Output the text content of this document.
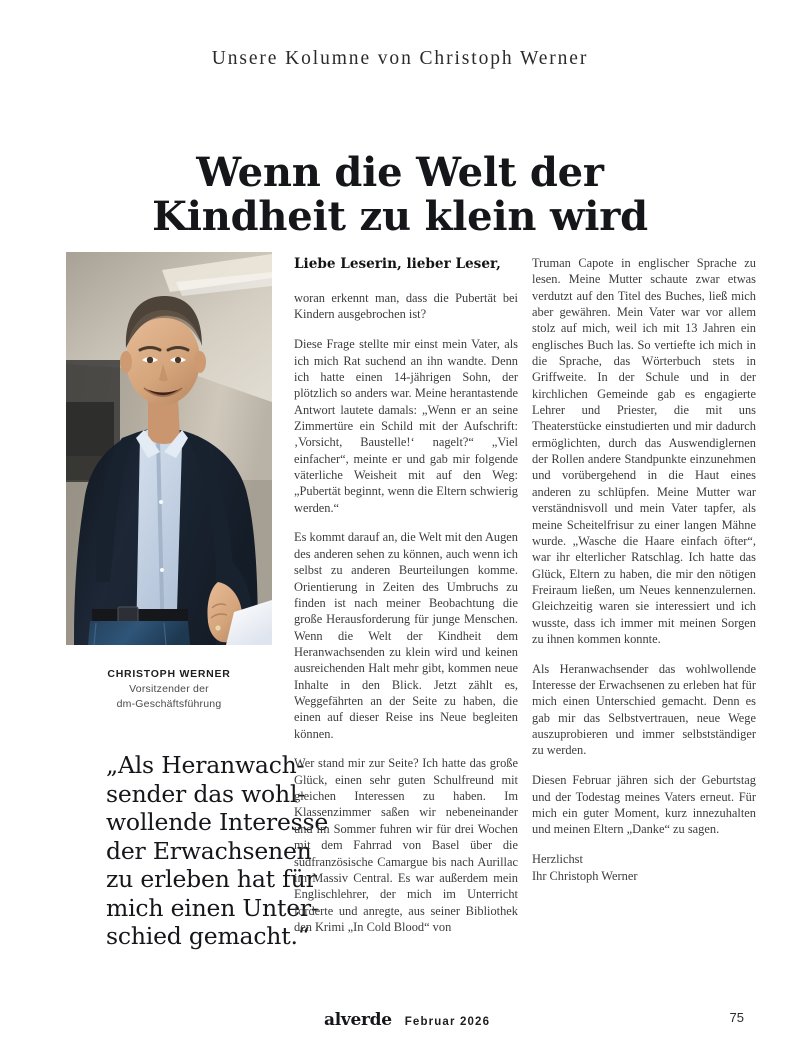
Unsere Kolumne von Christoph Werner
Wenn die Welt der
Kindheit zu klein wird
CHRISTOPH WERNER
Vorsitzender der
dm-Geschäftsführung
„Als Heranwach-
sender das wohl-
wollende Interesse
der Erwachsenen
zu erleben hat für
mich einen Unter-
schied gemacht.“

Liebe Leserin, lieber Leser,

woran erkennt man, dass die Pubertät bei Kindern ausgebrochen ist?

Diese Frage stellte mir einst mein Vater, als ich mich Rat suchend an ihn wandte. Denn ich hatte einen 14-jährigen Sohn, der plötzlich so anders war. Meine herantastende Antwort lautete damals: „Wenn er an seine Zimmertüre ein Schild mit der Aufschrift: ‚Vorsicht, Baustelle!‘ nagelt?“ „Viel einfacher“, meinte er und gab mir folgende väterliche Weisheit mit auf den Weg: „Pubertät beginnt, wenn die Eltern schwierig werden.“

Es kommt darauf an, die Welt mit den Augen des anderen sehen zu können, auch wenn ich selbst zu anderen Beurteilungen komme. Orientierung in Zeiten des Umbruchs zu finden ist nach meiner Beobachtung die große Herausforderung für junge Menschen. Wenn die Welt der Kindheit dem Heranwachsenden zu klein wird und keinen ausreichenden Halt mehr gibt, kommen neue Inhalte in den Blick. Jetzt zählt es, Weggefährten an der Seite zu haben, die einen auf dieser Reise ins Neue begleiten können.

Wer stand mir zur Seite? Ich hatte das große Glück, einen sehr guten Schulfreund mit gleichen Interessen zu haben. Im Klassenzimmer saßen wir nebeneinander und im Sommer fuhren wir für drei Wochen mit dem Fahrrad von Basel über die südfranzösische Camargue bis nach Aurillac im Massiv Central. Es war außerdem mein Englischlehrer, der mich im Unterricht forderte und anregte, aus seiner Bibliothek den Krimi „In Cold Blood“ von

Truman Capote in englischer Sprache zu lesen. Meine Mutter schaute zwar etwas verdutzt auf den Titel des Buches, ließ mich aber gewähren. Mein Vater war vor allem stolz auf mich, weil ich mit 13 Jahren ein englisches Buch las. So vertiefte ich mich in die Sprache, das Wörterbuch stets in Griffweite. In der Schule und in der kirchlichen Gemeinde gab es engagierte Lehrer und Priester, die mit uns Theaterstücke einstudierten und mir dadurch ermöglichten, durch das Auswendiglernen der Rollen andere Standpunkte einzunehmen und vorübergehend in die Haut eines anderen zu schlüpfen. Meine Mutter war verständnisvoll und mein Vater tapfer, als meine Scheitelfrisur zu einer langen Mähne wurde. „Wasche die Haare einfach öfter“, war ihr elterlicher Ratschlag. Ich hatte das Glück, Eltern zu haben, die mir den nötigen Freiraum ließen, um Neues kennenzulernen. Gleichzeitig waren sie interessiert und ich wusste, dass ich immer mit meinen Sorgen zu ihnen kommen konnte.

Als Heranwachsender das wohlwollende Interesse der Erwachsenen zu erleben hat für mich einen Unterschied gemacht. Denn es gab mir das Selbstvertrauen, neue Wege auszuprobieren und immer selbstständiger zu werden.

Diesen Februar jähren sich der Geburtstag und der Todestag meines Vaters erneut. Für mich ein guter Moment, kurz innezuhalten und meinen Eltern „Danke“ zu sagen.

Herzlichst

Ihr Christoph Werner

alverde Februar 2026	75
